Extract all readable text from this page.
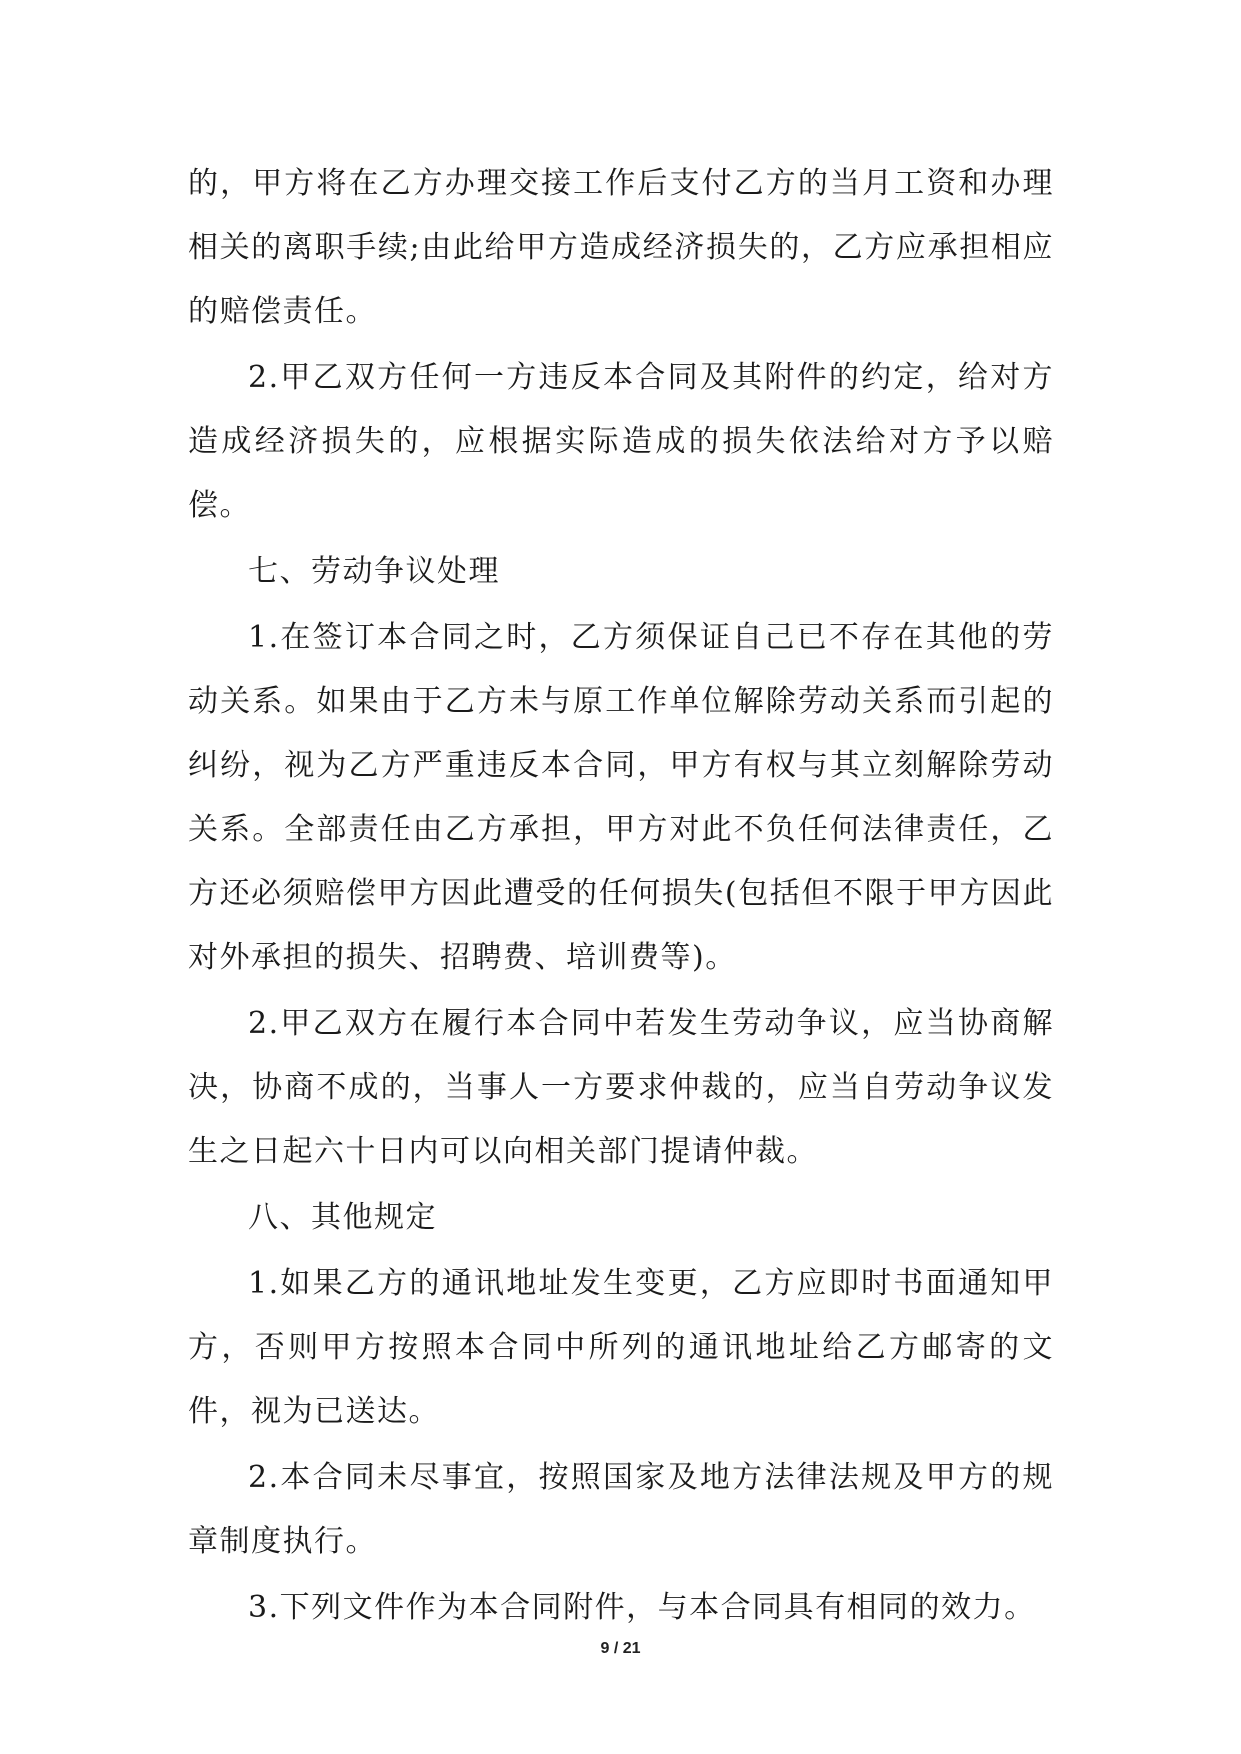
的，甲方将在乙方办理交接工作后支付乙方的当月工资和办理相关的离职手续;由此给甲方造成经济损失的，乙方应承担相应的赔偿责任。

2.甲乙双方任何一方违反本合同及其附件的约定，给对方造成经济损失的，应根据实际造成的损失依法给对方予以赔偿。

七、劳动争议处理

1.在签订本合同之时，乙方须保证自己已不存在其他的劳动关系。如果由于乙方未与原工作单位解除劳动关系而引起的纠纷，视为乙方严重违反本合同，甲方有权与其立刻解除劳动关系。全部责任由乙方承担，甲方对此不负任何法律责任，乙方还必须赔偿甲方因此遭受的任何损失(包括但不限于甲方因此对外承担的损失、招聘费、培训费等)。

2.甲乙双方在履行本合同中若发生劳动争议，应当协商解决，协商不成的，当事人一方要求仲裁的，应当自劳动争议发生之日起六十日内可以向相关部门提请仲裁。

八、其他规定

1.如果乙方的通讯地址发生变更，乙方应即时书面通知甲方，否则甲方按照本合同中所列的通讯地址给乙方邮寄的文件，视为已送达。

2.本合同未尽事宜，按照国家及地方法律法规及甲方的规章制度执行。

3.下列文件作为本合同附件，与本合同具有相同的效力。

9 / 21
